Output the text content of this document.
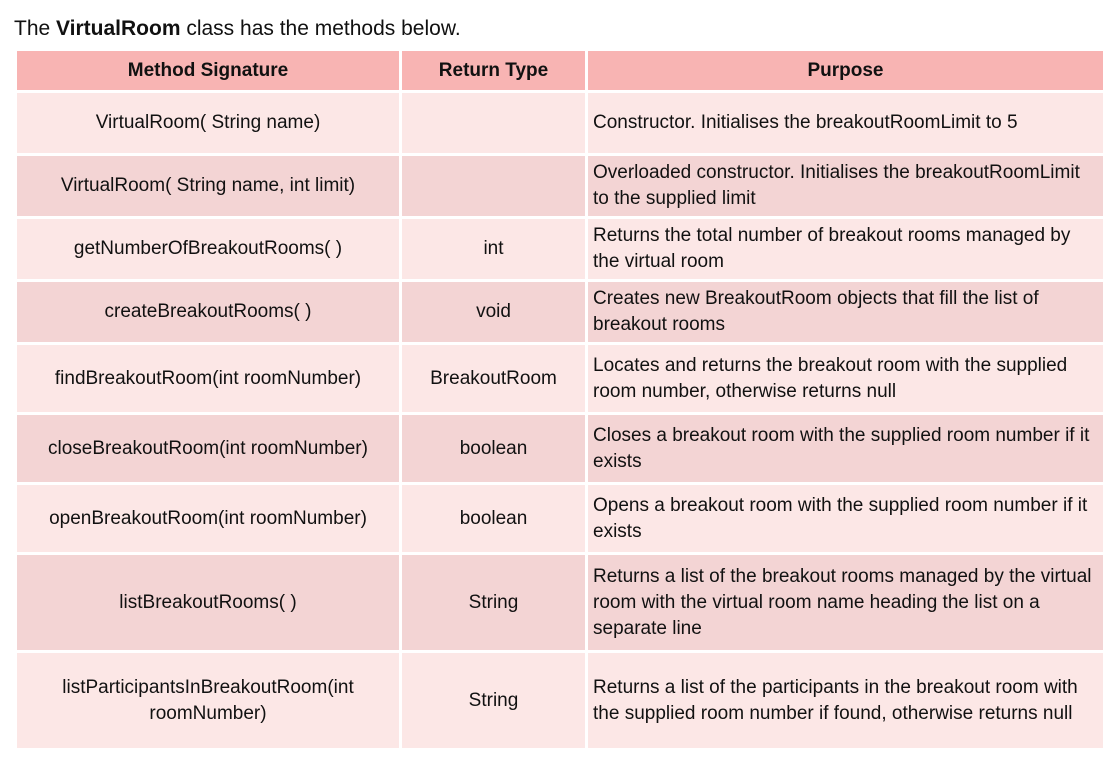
The VirtualRoom class has the methods below.
Method Signature	Return Type	Purpose
VirtualRoom( String name)		Constructor. Initialises the breakoutRoomLimit to 5
VirtualRoom( String name, int limit)		Overloaded constructor. Initialises the breakoutRoomLimit to the supplied limit
getNumberOfBreakoutRooms( )	int	Returns the total number of breakout rooms managed by the virtual room
createBreakoutRooms( )	void	Creates new BreakoutRoom objects that fill the list of breakout rooms
findBreakoutRoom(int roomNumber)	BreakoutRoom	Locates and returns the breakout room with the supplied room number, otherwise returns null
closeBreakoutRoom(int roomNumber)	boolean	Closes a breakout room with the supplied room number if it exists
openBreakoutRoom(int roomNumber)	boolean	Opens a breakout room with the supplied room number if it exists
listBreakoutRooms( )	String	Returns a list of the breakout rooms managed by the virtual room with the virtual room name heading the list on a separate line
listParticipantsInBreakoutRoom(int roomNumber)	String	Returns a list of the participants in the breakout room with the supplied room number if found, otherwise returns null
